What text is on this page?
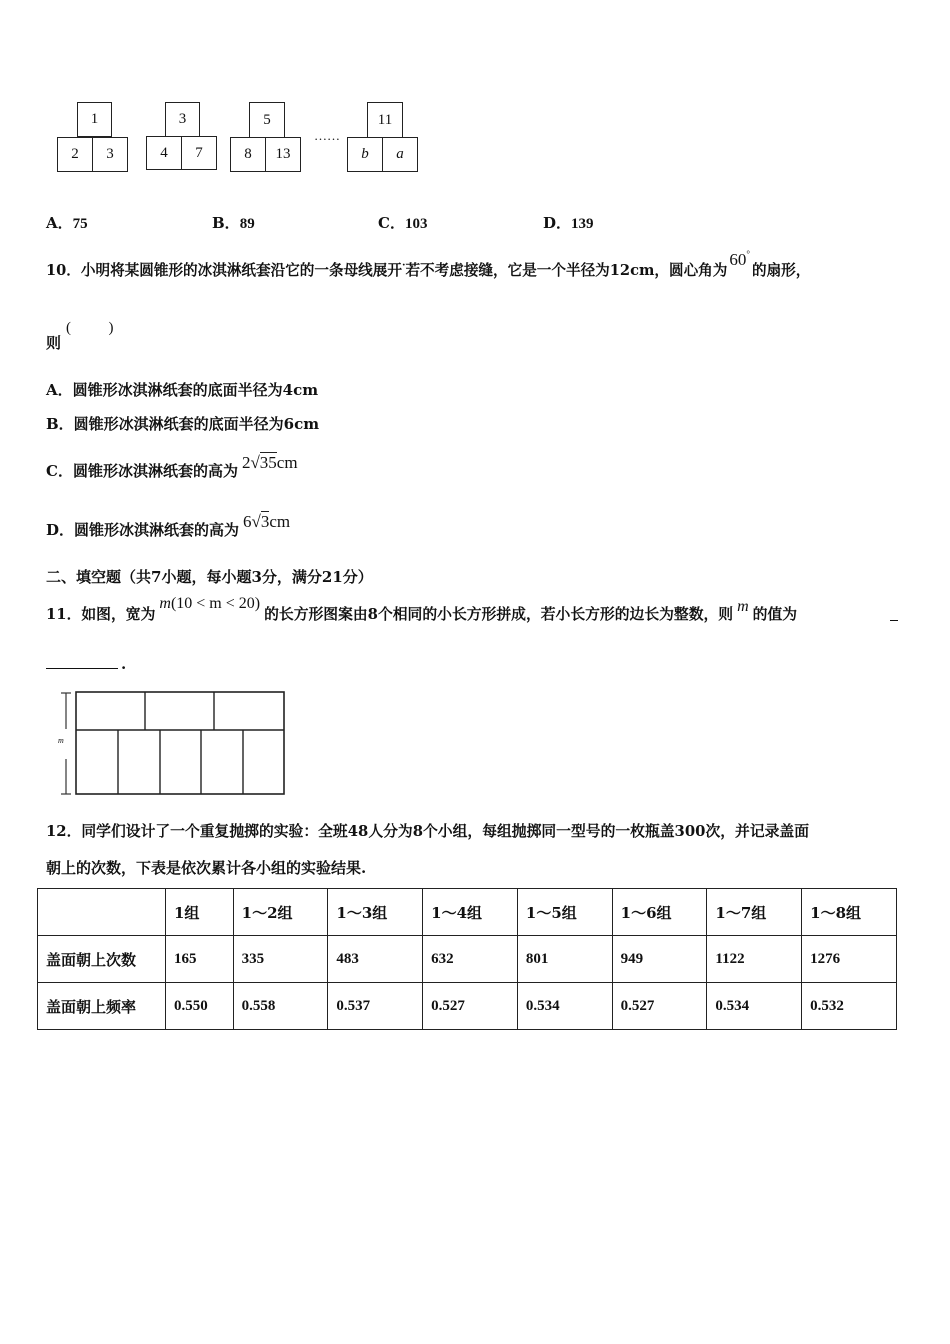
1
2	3
3
4	7
5
8	13
……
11
b	a
A．75	B．89	C．103	D．139
10．小明将某圆锥形的冰淇淋纸套沿它的一条母线展开·若不考虑接缝，它是一个半径为12cm，圆心角为60°的扇形，
则
(          )
A．圆锥形冰淇淋纸套的底面半径为4cm
B．圆锥形冰淇淋纸套的底面半径为6cm
C．圆锥形冰淇淋纸套的高为 2√35cm
D．圆锥形冰淇淋纸套的高为 6√3cm
二、填空题（共7小题，每小题3分，满分21分）
11．如图，宽为m(10 < m < 20)的长方形图案由8个相同的小长方形拼成，若小长方形的边长为整数，则 m 的值为
.
m
12．同学们设计了一个重复抛掷的实验：全班48人分为8个小组，每组抛掷同一型号的一枚瓶盖300次，并记录盖面
朝上的次数，下表是依次累计各小组的实验结果.
	1组	1～2组	1～3组	1～4组	1～5组	1～6组	1～7组	1～8组
盖面朝上次数	165	335	483	632	801	949	1122	1276
盖面朝上频率	0.550	0.558	0.537	0.527	0.534	0.527	0.534	0.532
